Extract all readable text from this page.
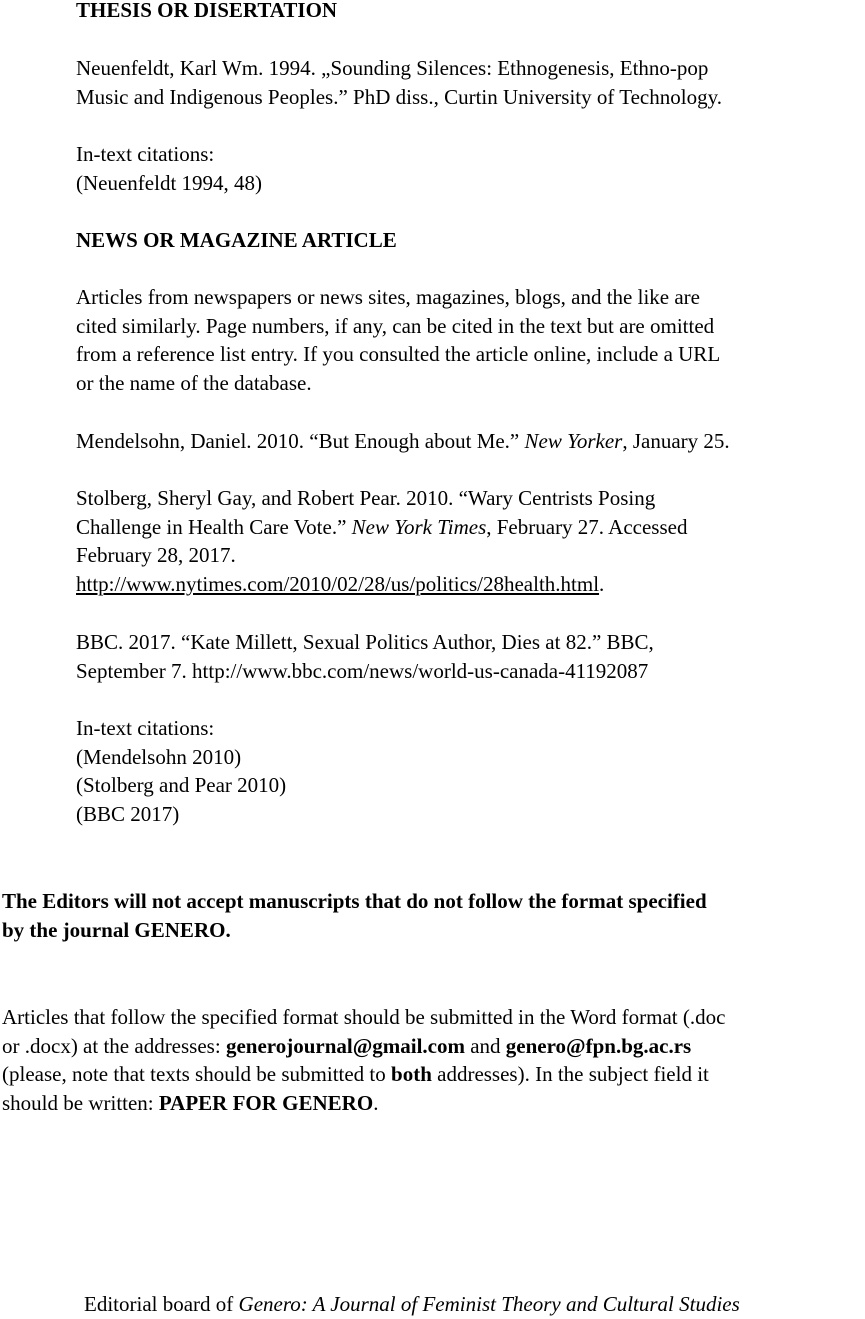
THESIS OR DISERTATION

Neuenfeldt, Karl Wm. 1994. „Sounding Silences: Ethnogenesis, Ethno-pop
Music and Indigenous Peoples.” PhD diss., Curtin University of Technology.

In-text citations:
(Neuenfeldt 1994, 48)

NEWS OR MAGAZINE ARTICLE

Articles from newspapers or news sites, magazines, blogs, and the like are
cited similarly. Page numbers, if any, can be cited in the text but are omitted
from a reference list entry. If you consulted the article online, include a URL
or the name of the database.

Mendelsohn, Daniel. 2010. “But Enough about Me.” New Yorker, January 25.

Stolberg, Sheryl Gay, and Robert Pear. 2010. “Wary Centrists Posing
Challenge in Health Care Vote.” New York Times, February 27. Accessed
February 28, 2017.
http://www.nytimes.com/2010/02/28/us/politics/28health.html.

BBC. 2017. “Kate Millett, Sexual Politics Author, Dies at 82.” BBC,
September 7. http://www.bbc.com/news/world-us-canada-41192087

In-text citations:
(Mendelsohn 2010)
(Stolberg and Pear 2010)
(BBC 2017)

The Editors will not accept manuscripts that do not follow the format specified
by the journal GENERO.

Articles that follow the specified format should be submitted in the Word format (.doc
or .docx) at the addresses: generojournal@gmail.com and genero@fpn.bg.ac.rs
(please, note that texts should be submitted to both addresses). In the subject field it
should be written: PAPER FOR GENERO.

Editorial board of Genero: A Journal of Feminist Theory and Cultural Studies
